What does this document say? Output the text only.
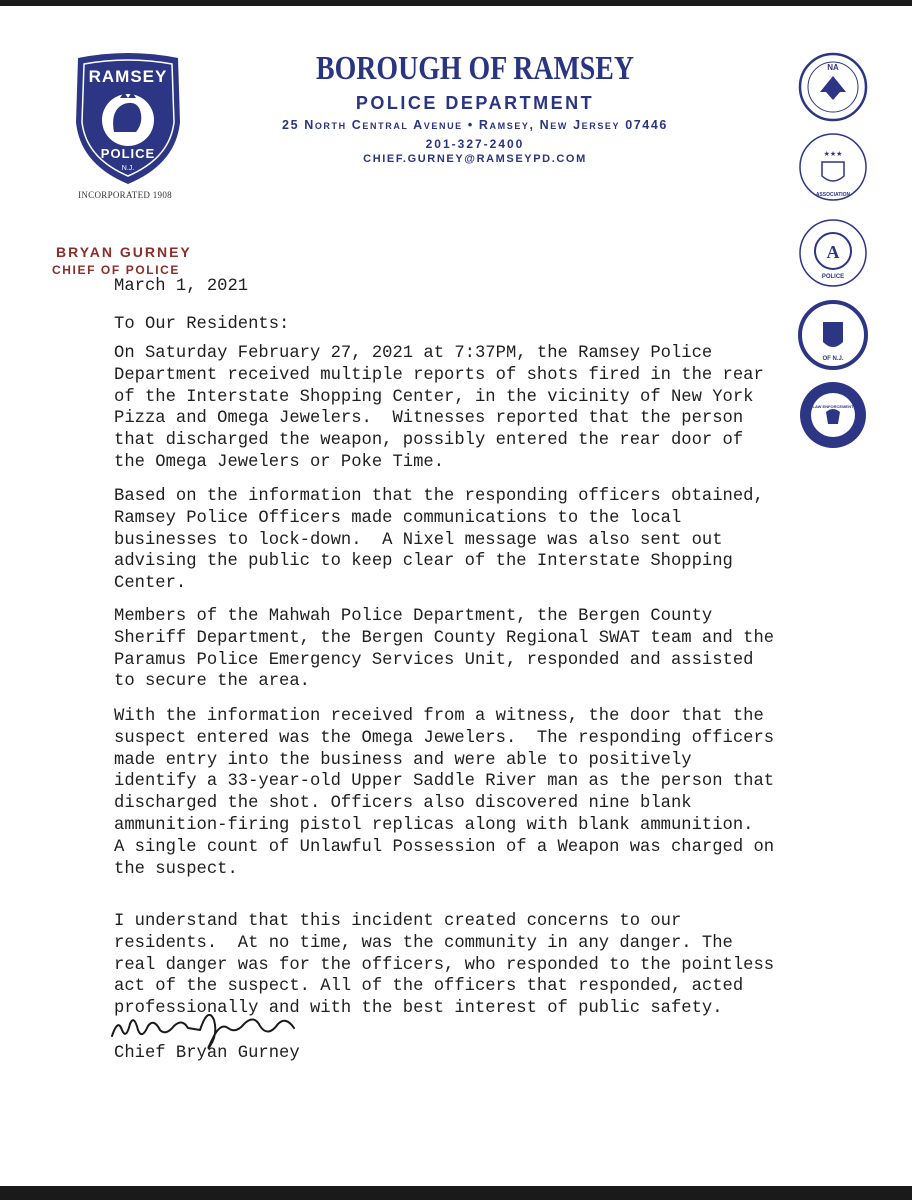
RAMSEY
POLICE
N.J.
INCORPORATED 1908
BOROUGH OF RAMSEY
POLICE DEPARTMENT
25 North Central Avenue • Ramsey, New Jersey 07446
201-327-2400
CHIEF.GURNEY@RAMSEYPD.COM
BRYAN GURNEY
CHIEF OF POLICE
NA
★★★
ASSOCIATION
A
POLICE
OF N.J.
LAW ENFORCEMENT
March 1, 2021
To Our Residents:
On Saturday February 27, 2021 at 7:37PM, the Ramsey Police
Department received multiple reports of shots fired in the rear
of the Interstate Shopping Center, in the vicinity of New York
Pizza and Omega Jewelers.  Witnesses reported that the person
that discharged the weapon, possibly entered the rear door of
the Omega Jewelers or Poke Time.
Based on the information that the responding officers obtained,
Ramsey Police Officers made communications to the local
businesses to lock-down.  A Nixel message was also sent out
advising the public to keep clear of the Interstate Shopping
Center.
Members of the Mahwah Police Department, the Bergen County
Sheriff Department, the Bergen County Regional SWAT team and the
Paramus Police Emergency Services Unit, responded and assisted
to secure the area.
With the information received from a witness, the door that the
suspect entered was the Omega Jewelers.  The responding officers
made entry into the business and were able to positively
identify a 33-year-old Upper Saddle River man as the person that
discharged the shot. Officers also discovered nine blank
ammunition-firing pistol replicas along with blank ammunition.
A single count of Unlawful Possession of a Weapon was charged on
the suspect.
I understand that this incident created concerns to our
residents.  At no time, was the community in any danger. The
real danger was for the officers, who responded to the pointless
act of the suspect. All of the officers that responded, acted
professionally and with the best interest of public safety.
Chief Bryan Gurney
